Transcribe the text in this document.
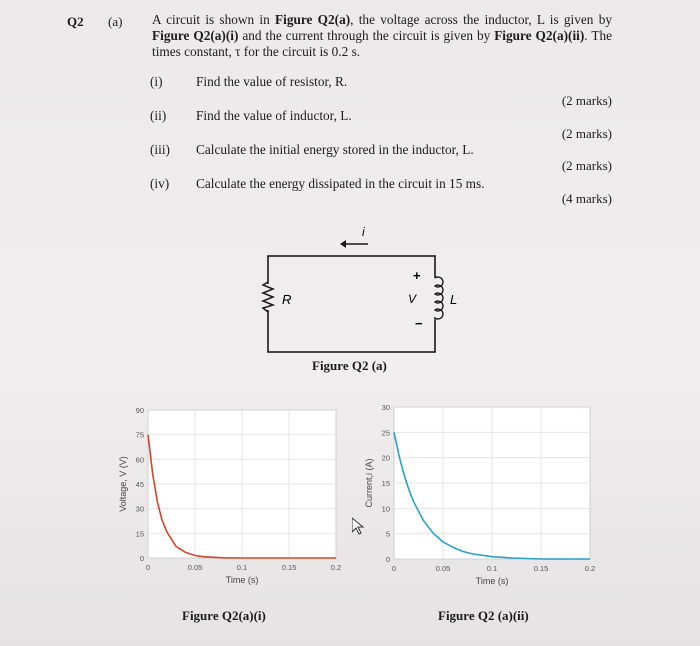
Q2 (a) A circuit is shown in Figure Q2(a), the voltage across the inductor, L is given by Figure Q2(a)(i) and the current through the circuit is given by Figure Q2(a)(ii). The times constant, τ for the circuit is 0.2 s.
(i)	Find the value of resistor, R.
(2 marks)
(ii) Find the value of inductor, L.
(2 marks)
(iii) Calculate the initial energy stored in the inductor, L.
(2 marks)
(iv) Calculate the energy dissipated in the circuit in 15 ms.
(4 marks)
R	L
+
V
−
i
Figure Q2 (a)
0	0.05	0.1	0.15	0.2
0
15
30
45
60
75
90
Time (s)
Voltage, V (V)
Figure Q2(a)(i)
0	0.05	0.1	0.15	0.2
0
5
10
15
20
25
30
Time (s)
Current,i (A)
Figure Q2 (a)(ii)
